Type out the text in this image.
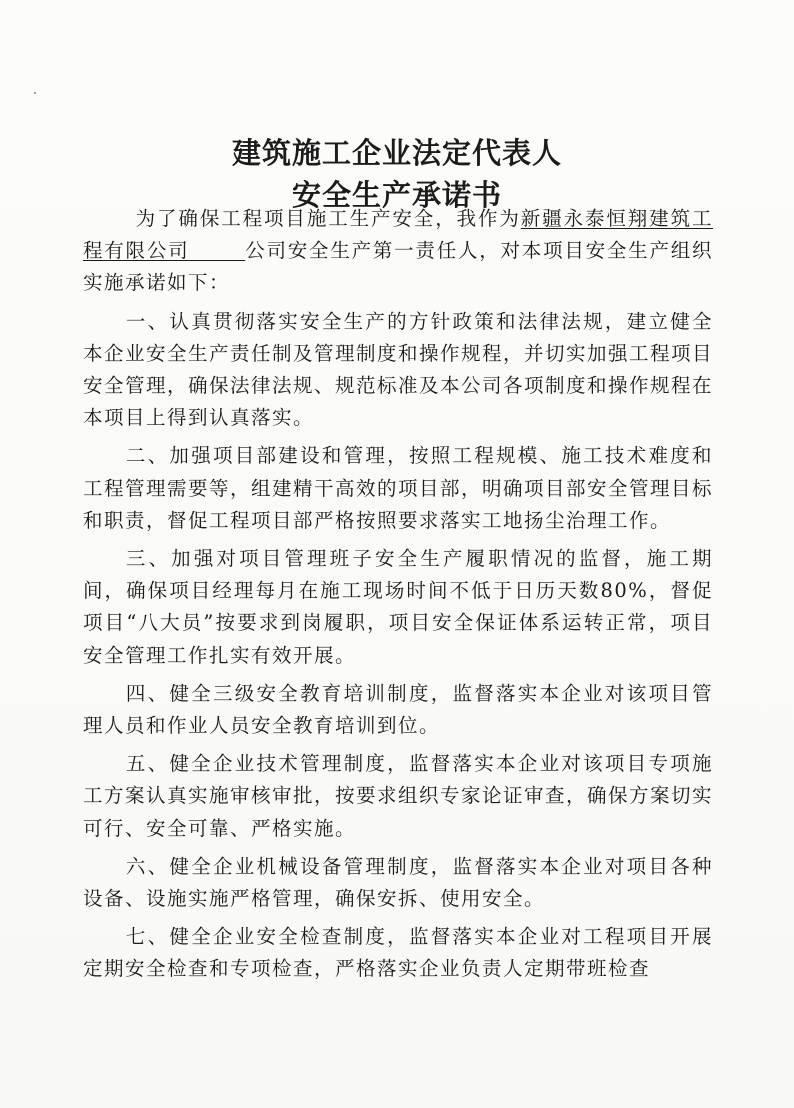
建筑施工企业法定代表人
安全生产承诺书

为了确保工程项目施工生产安全，我作为新疆永泰恒翔建筑工程有限公司	公司安全生产第一责任人，对本项目安全生产组织实施承诺如下：

一、认真贯彻落实安全生产的方针政策和法律法规，建立健全本企业安全生产责任制及管理制度和操作规程，并切实加强工程项目安全管理，确保法律法规、规范标准及本公司各项制度和操作规程在本项目上得到认真落实。

二、加强项目部建设和管理，按照工程规模、施工技术难度和工程管理需要等，组建精干高效的项目部，明确项目部安全管理目标和职责，督促工程项目部严格按照要求落实工地扬尘治理工作。

三、加强对项目管理班子安全生产履职情况的监督，施工期间，确保项目经理每月在施工现场时间不低于日历天数80%，督促项目“八大员”按要求到岗履职，项目安全保证体系运转正常，项目安全管理工作扎实有效开展。

四、健全三级安全教育培训制度，监督落实本企业对该项目管理人员和作业人员安全教育培训到位。

五、健全企业技术管理制度，监督落实本企业对该项目专项施工方案认真实施审核审批，按要求组织专家论证审查，确保方案切实可行、安全可靠、严格实施。

六、健全企业机械设备管理制度，监督落实本企业对项目各种设备、设施实施严格管理，确保安拆、使用安全。

七、健全企业安全检查制度，监督落实本企业对工程项目开展定期安全检查和专项检查，严格落实企业负责人定期带班检查
